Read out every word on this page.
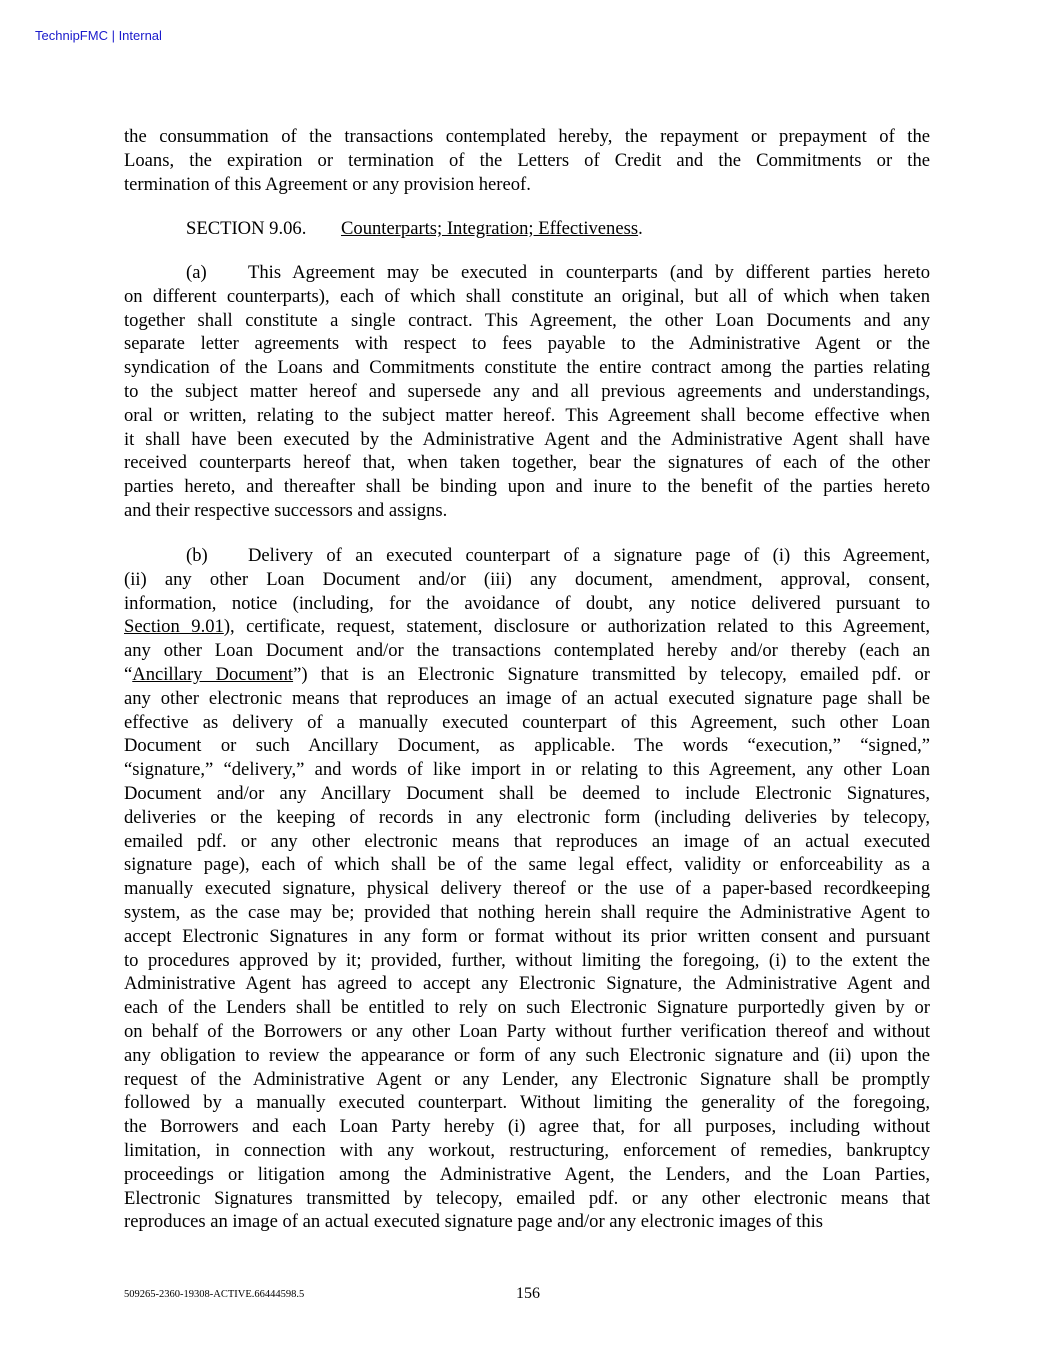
TechnipFMC | Internal
the consummation of the transactions contemplated hereby, the repayment or prepayment of the
Loans, the expiration or termination of the Letters of Credit and the Commitments or the
termination of this Agreement or any provision hereof.
SECTION 9.06. Counterparts; Integration; Effectiveness.
(a)	This Agreement may be executed in counterparts (and by different parties hereto
on different counterparts), each of which shall constitute an original, but all of which when taken
together shall constitute a single contract. This Agreement, the other Loan Documents and any
separate letter agreements with respect to fees payable to the Administrative Agent or the
syndication of the Loans and Commitments constitute the entire contract among the parties relating
to the subject matter hereof and supersede any and all previous agreements and understandings,
oral or written, relating to the subject matter hereof. This Agreement shall become effective when
it shall have been executed by the Administrative Agent and the Administrative Agent shall have
received counterparts hereof that, when taken together, bear the signatures of each of the other
parties hereto, and thereafter shall be binding upon and inure to the benefit of the parties hereto
and their respective successors and assigns.
(b)	Delivery of an executed counterpart of a signature page of (i) this Agreement,
(ii) any other Loan Document and/or (iii) any document, amendment, approval, consent,
information, notice (including, for the avoidance of doubt, any notice delivered pursuant to
Section 9.01), certificate, request, statement, disclosure or authorization related to this Agreement,
any other Loan Document and/or the transactions contemplated hereby and/or thereby (each an
“Ancillary Document”) that is an Electronic Signature transmitted by telecopy, emailed pdf. or
any other electronic means that reproduces an image of an actual executed signature page shall be
effective as delivery of a manually executed counterpart of this Agreement, such other Loan
Document or such Ancillary Document, as applicable. The words “execution,” “signed,”
“signature,” “delivery,” and words of like import in or relating to this Agreement, any other Loan
Document and/or any Ancillary Document shall be deemed to include Electronic Signatures,
deliveries or the keeping of records in any electronic form (including deliveries by telecopy,
emailed pdf. or any other electronic means that reproduces an image of an actual executed
signature page), each of which shall be of the same legal effect, validity or enforceability as a
manually executed signature, physical delivery thereof or the use of a paper-based recordkeeping
system, as the case may be; provided that nothing herein shall require the Administrative Agent to
accept Electronic Signatures in any form or format without its prior written consent and pursuant
to procedures approved by it; provided, further, without limiting the foregoing, (i) to the extent the
Administrative Agent has agreed to accept any Electronic Signature, the Administrative Agent and
each of the Lenders shall be entitled to rely on such Electronic Signature purportedly given by or
on behalf of the Borrowers or any other Loan Party without further verification thereof and without
any obligation to review the appearance or form of any such Electronic signature and (ii) upon the
request of the Administrative Agent or any Lender, any Electronic Signature shall be promptly
followed by a manually executed counterpart. Without limiting the generality of the foregoing,
the Borrowers and each Loan Party hereby (i) agree that, for all purposes, including without
limitation, in connection with any workout, restructuring, enforcement of remedies, bankruptcy
proceedings or litigation among the Administrative Agent, the Lenders, and the Loan Parties,
Electronic Signatures transmitted by telecopy, emailed pdf. or any other electronic means that
reproduces an image of an actual executed signature page and/or any electronic images of this
509265-2360-19308-ACTIVE.66444598.5	156
